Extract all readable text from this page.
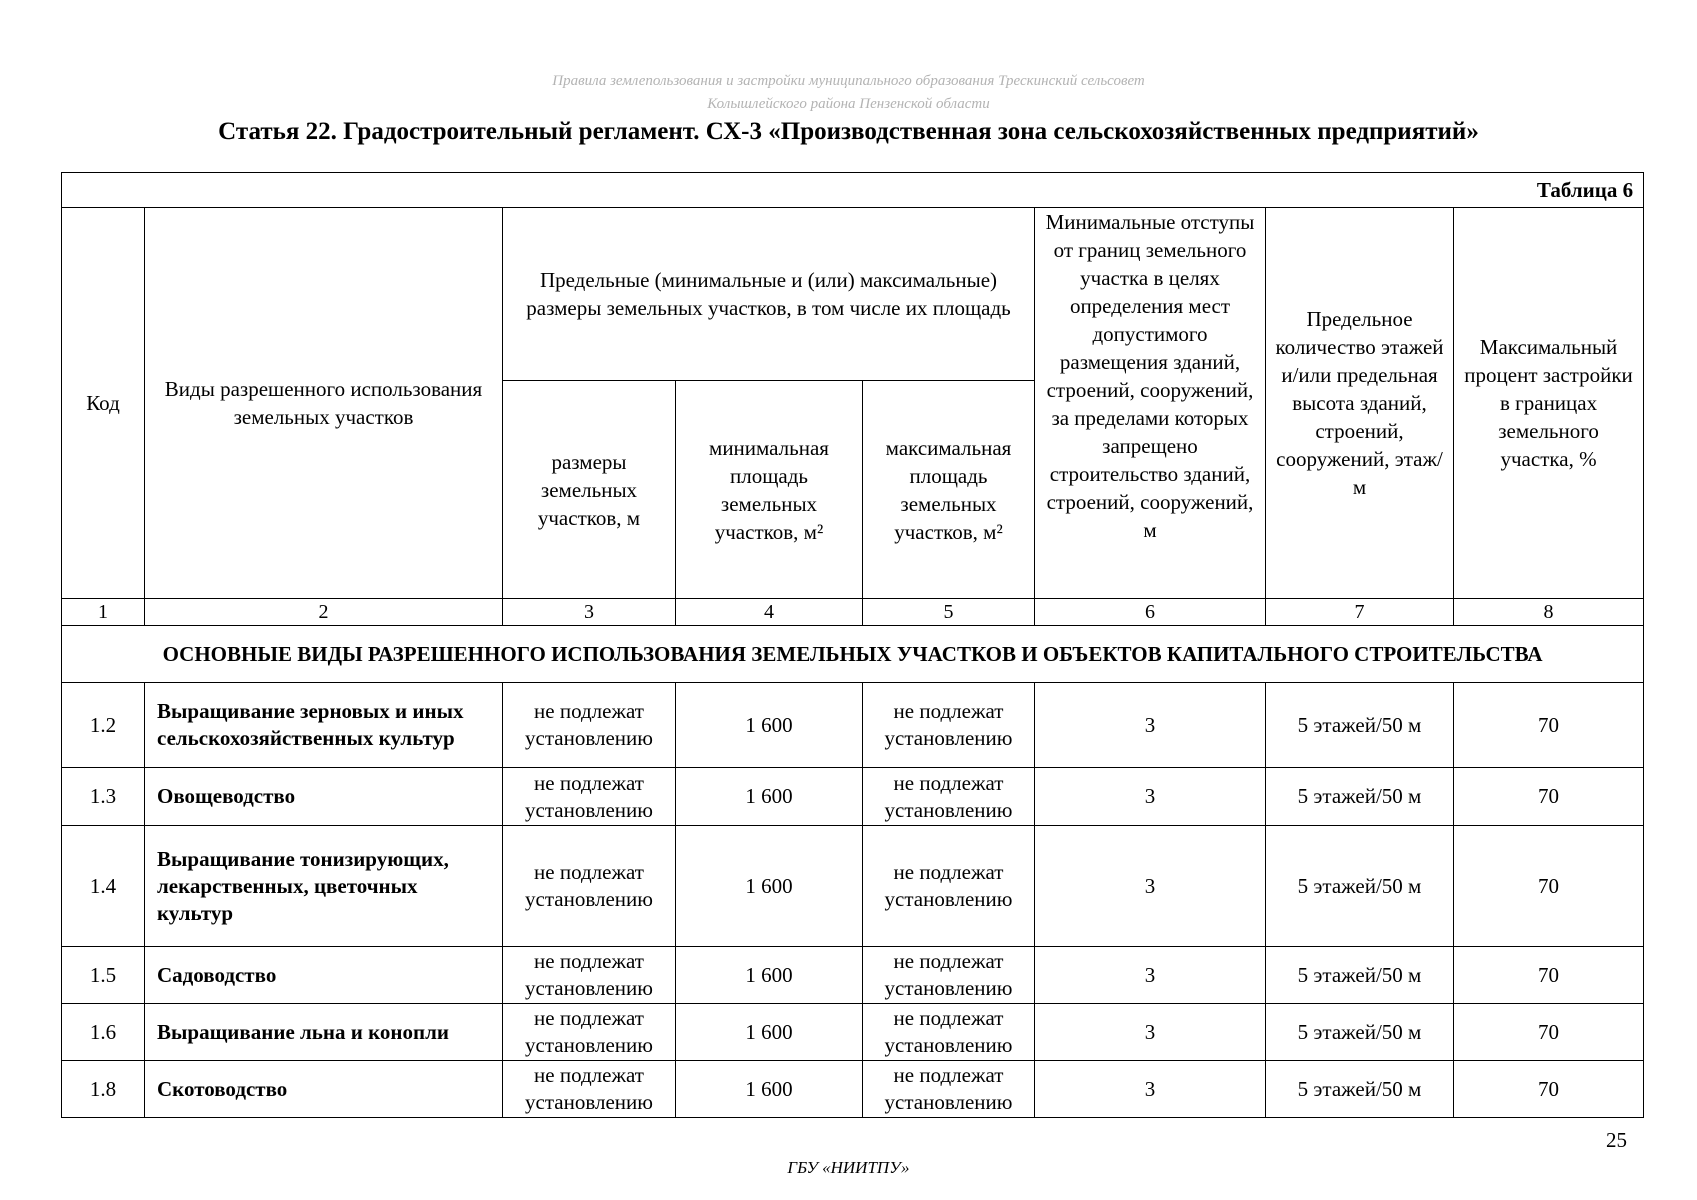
Правила землепользования и застройки муниципального образования Трескинский сельсовет
Колышлейского района Пензенской области
Статья 22. Градостроительный регламент. СХ-3 «Производственная зона сельскохозяйственных предприятий»
Таблица 6							
Код	Виды разрешенного использования земельных участков	Предельные (минимальные и (или) максимальные) размеры земельных участков, в том числе их площадь			Минимальные отступы от границ земельного участка в целях определения мест допустимого размещения зданий, строений, сооружений, за пределами которых запрещено строительство зданий, строений, сооружений, м	Предельное количество этажей и/или предельная высота зданий, строений, сооружений, этаж/м	Максимальный процент застройки в границах земельного участка, %
		размеры земельных участков, м	минимальная площадь земельных участков, м²	максимальная площадь земельных участков, м²			
1	2	3	4	5	6	7	8
ОСНОВНЫЕ ВИДЫ РАЗРЕШЕННОГО ИСПОЛЬЗОВАНИЯ ЗЕМЕЛЬНЫХ УЧАСТКОВ И ОБЪЕКТОВ КАПИТАЛЬНОГО СТРОИТЕЛЬСТВА							
1.2	Выращивание зерновых и иных сельскохозяйственных культур	не подлежат установлению	1 600	не подлежат установлению	3	5 этажей/50 м	70
1.3	Овощеводство	не подлежат установлению	1 600	не подлежат установлению	3	5 этажей/50 м	70
1.4	Выращивание тонизирующих, лекарственных, цветочных культур	не подлежат установлению	1 600	не подлежат установлению	3	5 этажей/50 м	70
1.5	Садоводство	не подлежат установлению	1 600	не подлежат установлению	3	5 этажей/50 м	70
1.6	Выращивание льна и конопли	не подлежат установлению	1 600	не подлежат установлению	3	5 этажей/50 м	70
1.8	Скотоводство	не подлежат установлению	1 600	не подлежат установлению	3	5 этажей/50 м	70
25
ГБУ «НИИТПУ»
